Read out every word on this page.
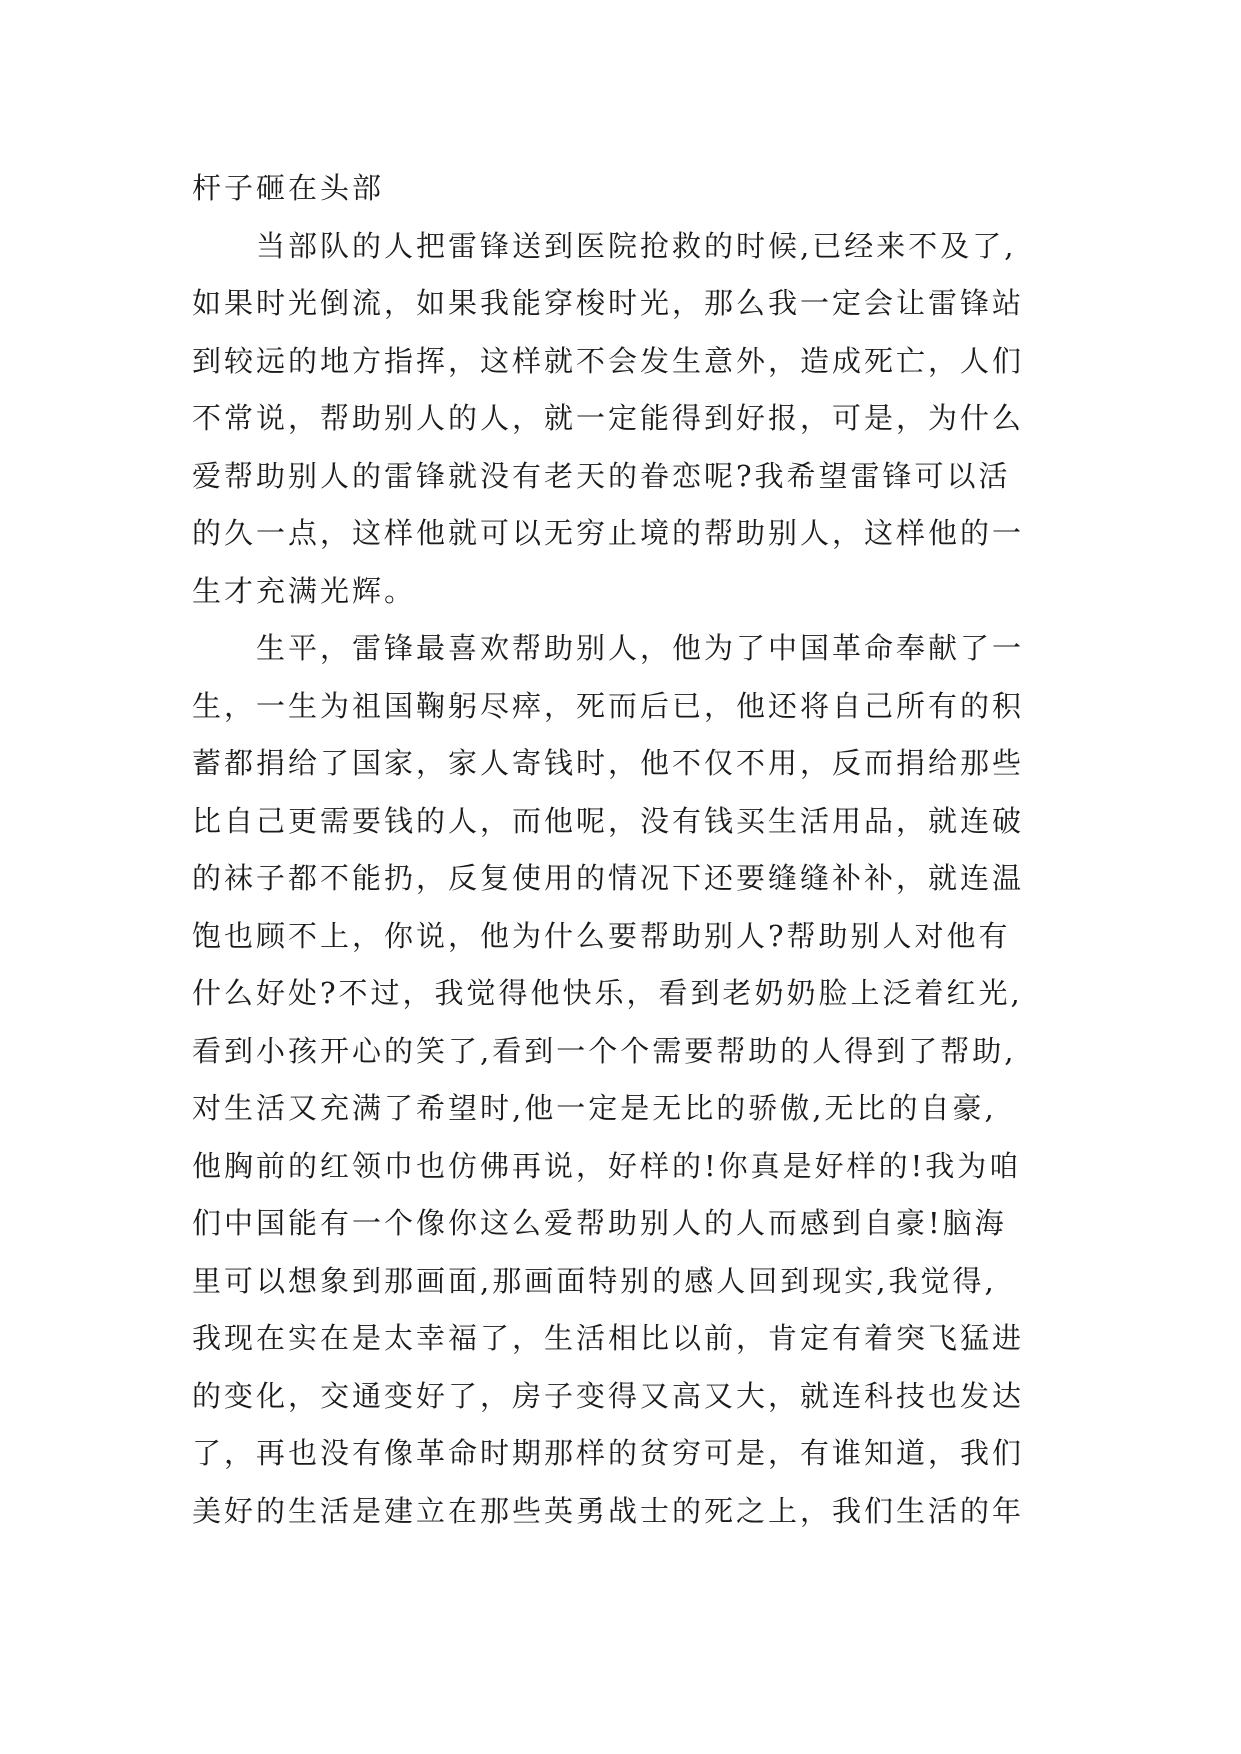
杆子砸在头部
当部队的人把雷锋送到医院抢救的时候,已经来不及了,
如果时光倒流，如果我能穿梭时光，那么我一定会让雷锋站
到较远的地方指挥，这样就不会发生意外，造成死亡，人们
不常说，帮助别人的人，就一定能得到好报，可是，为什么
爱帮助别人的雷锋就没有老天的眷恋呢?我希望雷锋可以活
的久一点，这样他就可以无穷止境的帮助别人，这样他的一
生才充满光辉。
生平，雷锋最喜欢帮助别人，他为了中国革命奉献了一
生，一生为祖国鞠躬尽瘁，死而后已，他还将自己所有的积
蓄都捐给了国家，家人寄钱时，他不仅不用，反而捐给那些
比自己更需要钱的人，而他呢，没有钱买生活用品，就连破
的袜子都不能扔，反复使用的情况下还要缝缝补补，就连温
饱也顾不上，你说，他为什么要帮助别人?帮助别人对他有
什么好处?不过，我觉得他快乐，看到老奶奶脸上泛着红光,
看到小孩开心的笑了,看到一个个需要帮助的人得到了帮助,
对生活又充满了希望时,他一定是无比的骄傲,无比的自豪,
他胸前的红领巾也仿佛再说，好样的!你真是好样的!我为咱
们中国能有一个像你这么爱帮助别人的人而感到自豪!脑海
里可以想象到那画面,那画面特别的感人回到现实,我觉得,
我现在实在是太幸福了，生活相比以前，肯定有着突飞猛进
的变化，交通变好了，房子变得又高又大，就连科技也发达
了，再也没有像革命时期那样的贫穷可是，有谁知道，我们
美好的生活是建立在那些英勇战士的死之上，我们生活的年
